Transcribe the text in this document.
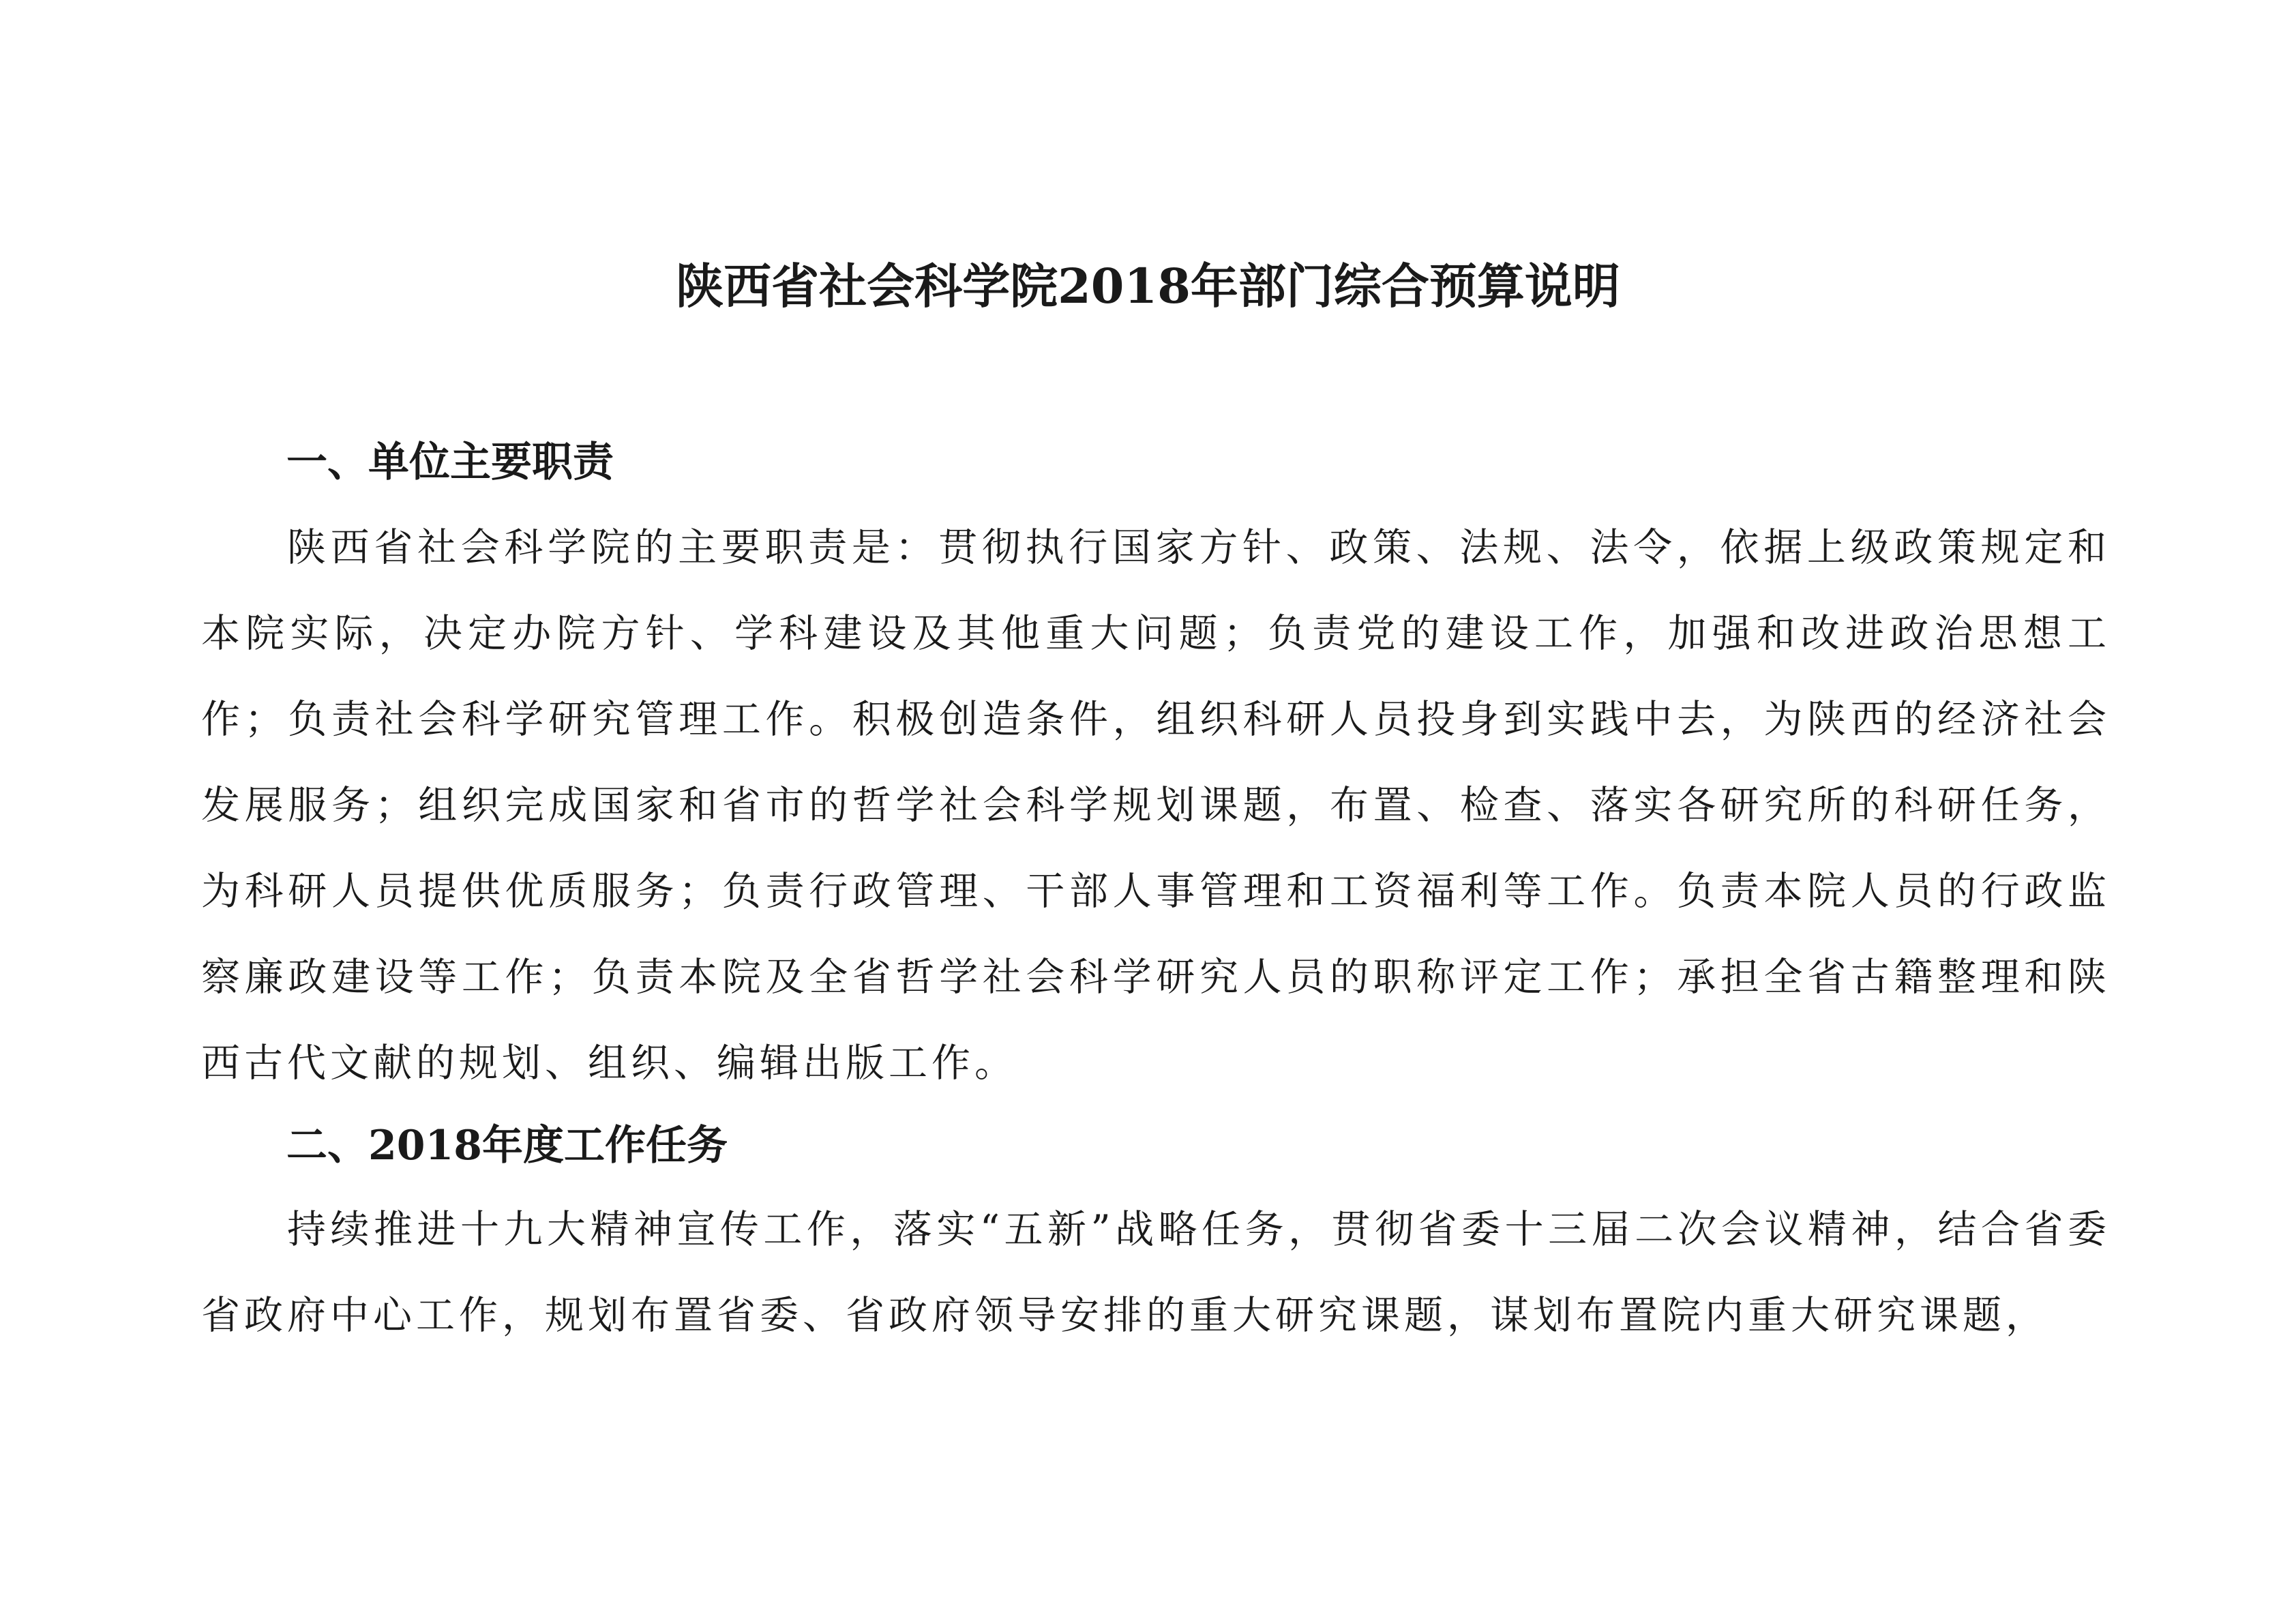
陕西省社会科学院2018年部门综合预算说明
一、单位主要职责
陕西省社会科学院的主要职责是：贯彻执行国家方针、政策、法规、法令，依据上级政策规定和本院实际，决定办院方针、学科建设及其他重大问题；负责党的建设工作，加强和改进政治思想工作；负责社会科学研究管理工作。积极创造条件，组织科研人员投身到实践中去，为陕西的经济社会发展服务；组织完成国家和省市的哲学社会科学规划课题，布置、检查、落实各研究所的科研任务，为科研人员提供优质服务；负责行政管理、干部人事管理和工资福利等工作。负责本院人员的行政监察廉政建设等工作；负责本院及全省哲学社会科学研究人员的职称评定工作；承担全省古籍整理和陕西古代文献的规划、组织、编辑出版工作。
二、2018年度工作任务
持续推进十九大精神宣传工作，落实“五新”战略任务，贯彻省委十三届二次会议精神，结合省委省政府中心工作，规划布置省委、省政府领导安排的重大研究课题，谋划布置院内重大研究课题，
